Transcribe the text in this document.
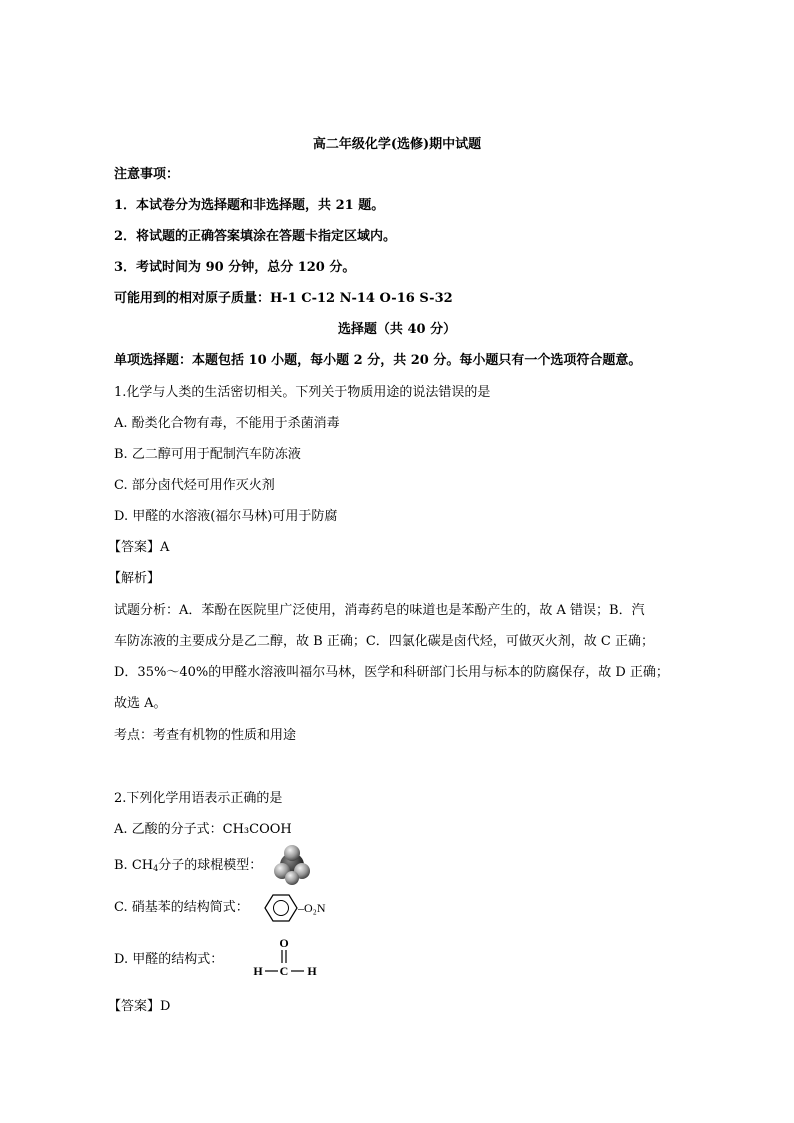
高二年级化学(选修)期中试题
注意事项：
1．本试卷分为选择题和非选择题，共 21 题。
2．将试题的正确答案填涂在答题卡指定区域内。
3．考试时间为 90 分钟，总分 120 分。
可能用到的相对原子质量：H-1 C-12 N-14 O-16 S-32
选择题（共 40 分）
单项选择题：本题包括 10 小题，每小题 2 分，共 20 分。每小题只有一个选项符合题意。
1.化学与人类的生活密切相关。下列关于物质用途的说法错误的是
A. 酚类化合物有毒，不能用于杀菌消毒
B. 乙二醇可用于配制汽车防冻液
C. 部分卤代烃可用作灭火剂
D. 甲醛的水溶液(福尔马林)可用于防腐
【答案】A
【解析】
试题分析：A．苯酚在医院里广泛使用，消毒药皂的味道也是苯酚产生的，故 A 错误；B．汽
车防冻液的主要成分是乙二醇，故 B 正确；C．四氯化碳是卤代烃，可做灭火剂，故 C 正确；
D．35%～40%的甲醛水溶液叫福尔马林，医学和科研部门长用与标本的防腐保存，故 D 正确；
故选 A。
考点：考查有机物的性质和用途
2.下列化学用语表示正确的是
A. 乙酸的分子式：CH₃COOH
B. $CH_4$分子的球棍模型：
C. 硝基苯的结构简式：	–O₂N
D. 甲醛的结构式：
O
H C H
【答案】D
